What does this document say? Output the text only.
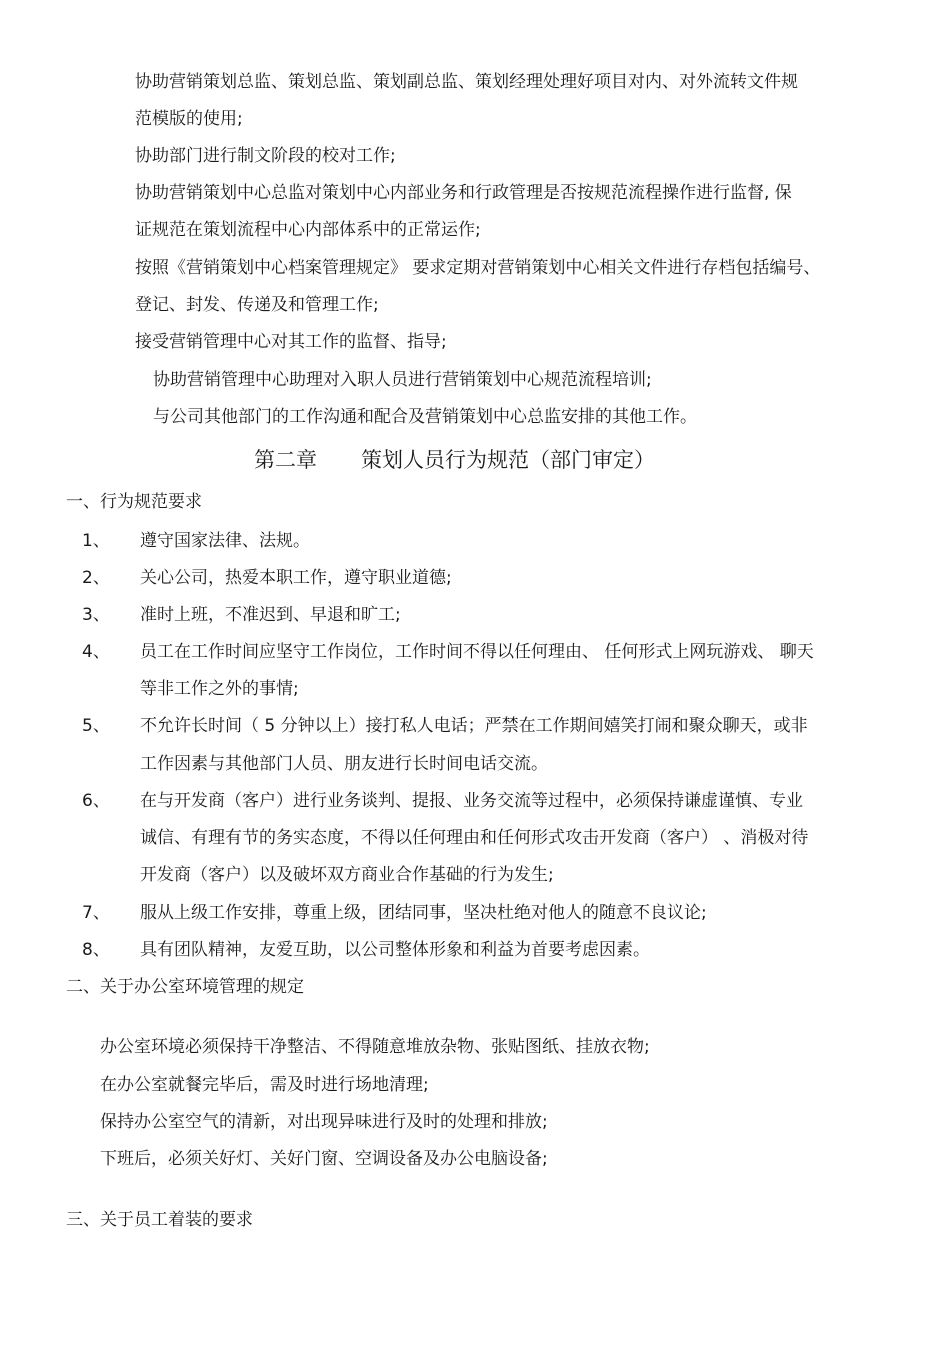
协助营销策划总监、策划总监、策划副总监、策划经理处理好项目对内、对外流转文件规

范模版的使用;

协助部门进行制文阶段的校对工作;

协助营销策划中心总监对策划中心内部业务和行政管理是否按规范流程操作进行监督, 保

证规范在策划流程中心内部体系中的正常运作;

按照《营销策划中心档案管理规定》 要求定期对营销策划中心相关文件进行存档包括编号、

登记、封发、传递及和管理工作;

接受营销管理中心对其工作的监督、指导;

协助营销管理中心助理对入职人员进行营销策划中心规范流程培训;

与公司其他部门的工作沟通和配合及营销策划中心总监安排的其他工作。

第二章 策划人员行为规范（部门审定）

一、行为规范要求

1、 遵守国家法律、法规。

2、 关心公司，热爱本职工作，遵守职业道德;

3、 准时上班，不准迟到、早退和旷工;

4、 员工在工作时间应坚守工作岗位，工作时间不得以任何理由、 任何形式上网玩游戏、 聊天

等非工作之外的事情;

5、 不允许长时间（ 5 分钟以上）接打私人电话；严禁在工作期间嬉笑打闹和聚众聊天，或非

工作因素与其他部门人员、朋友进行长时间电话交流。

6、 在与开发商（客户）进行业务谈判、提报、业务交流等过程中，必须保持谦虚谨慎、专业

诚信、有理有节的务实态度，不得以任何理由和任何形式攻击开发商（客户） 、消极对待

开发商（客户）以及破坏双方商业合作基础的行为发生;

7、 服从上级工作安排，尊重上级，团结同事，坚决杜绝对他人的随意不良议论;

8、 具有团队精神，友爱互助，以公司整体形象和利益为首要考虑因素。

二、关于办公室环境管理的规定

办公室环境必须保持干净整洁、不得随意堆放杂物、张贴图纸、挂放衣物;

在办公室就餐完毕后，需及时进行场地清理;

保持办公室空气的清新，对出现异味进行及时的处理和排放;

下班后，必须关好灯、关好门窗、空调设备及办公电脑设备;

三、关于员工着装的要求
